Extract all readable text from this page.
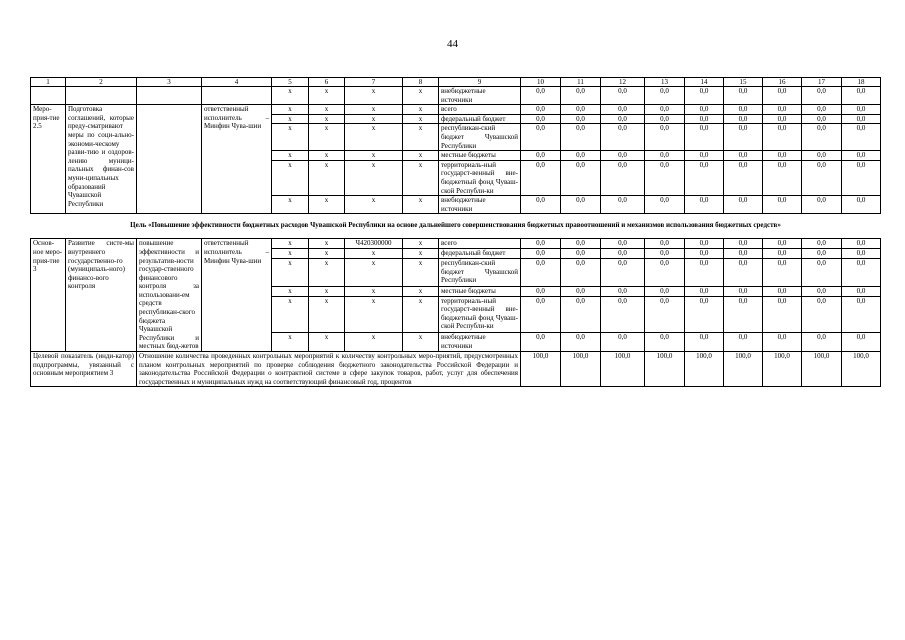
44
1	2	3	4	5	6	7	8	9	10	11	12	13	14	15	16	17	18
				x	x	x	x	внебюджетные источники	0,0	0,0	0,0	0,0	0,0	0,0	0,0	0,0	0,0
Меро-прия-тие 2.5	Подготовка соглашений, которые преду-сматривают меры по соци-ально-экономи-ческому разви-тию и оздоров-лению муници-пальных финан-сов муни-ципальных образований Чувашской Республики		ответственный исполнитель – Минфин Чува-шии	x	x	x	x	всего	0,0	0,0	0,0	0,0	0,0	0,0	0,0	0,0	0,0
				x	x	x	x	федеральный бюджет	0,0	0,0	0,0	0,0	0,0	0,0	0,0	0,0	0,0
				x	x	x	x	республикан-ский бюджет Чувашской Республики	0,0	0,0	0,0	0,0	0,0	0,0	0,0	0,0	0,0
				x	x	x	x	местные бюджеты	0,0	0,0	0,0	0,0	0,0	0,0	0,0	0,0	0,0
				x	x	x	x	территориаль-ный государст-венный вне-бюджетный фонд Чуваш-ской Республи-ки	0,0	0,0	0,0	0,0	0,0	0,0	0,0	0,0	0,0
				x	x	x	x	внебюджетные источники	0,0	0,0	0,0	0,0	0,0	0,0	0,0	0,0	0,0
Цель «Повышение эффективности бюджетных расходов Чувашской Республики на основе дальнейшего совершенствования бюджетных правоотношений и механизмов использования бюджетных средств»																	
Основ-ное меро-прия-тие 3	Развитие систе-мы внутреннего государственно-го (муниципаль-ного) финансо-вого контроля	повышение эффективности и результатив-ности государ-ственного финансового контроля за использовани-ем средств республикан-ского бюджета Чувашской Республики и местных бюд-жетов	ответственный исполнитель – Минфин Чува-шии	x	x	Ч420300000	x	всего	0,0	0,0	0,0	0,0	0,0	0,0	0,0	0,0	0,0
				x	x	x	x	федеральный бюджет	0,0	0,0	0,0	0,0	0,0	0,0	0,0	0,0	0,0
				x	x	x	x	республикан-ский бюджет Чувашской Республики	0,0	0,0	0,0	0,0	0,0	0,0	0,0	0,0	0,0
				x	x	x	x	местные бюджеты	0,0	0,0	0,0	0,0	0,0	0,0	0,0	0,0	0,0
				x	x	x	x	территориаль-ный государст-венный вне-бюджетный фонд Чуваш-ской Республи-ки	0,0	0,0	0,0	0,0	0,0	0,0	0,0	0,0	0,0
				x	x	x	x	внебюджетные источники	0,0	0,0	0,0	0,0	0,0	0,0	0,0	0,0	0,0
Целевой показатель (инди-катор) подпрограммы, увязанный с основным мероприятием 3		Отношение количества проведенных контрольных мероприятий к количеству контрольных меро-приятий, предусмотренных планом контрольных мероприятий по проверке соблюдения бюджетного законодательства Российской Федерации и законодательства Российской Федерации о контрактной системе в сфере закупок товаров, работ, услуг для обеспечения государственных и муниципальных нужд на соответствующий финансовый год, процентов							100,0	100,0	100,0	100,0	100,0	100,0	100,0	100,0	100,0
